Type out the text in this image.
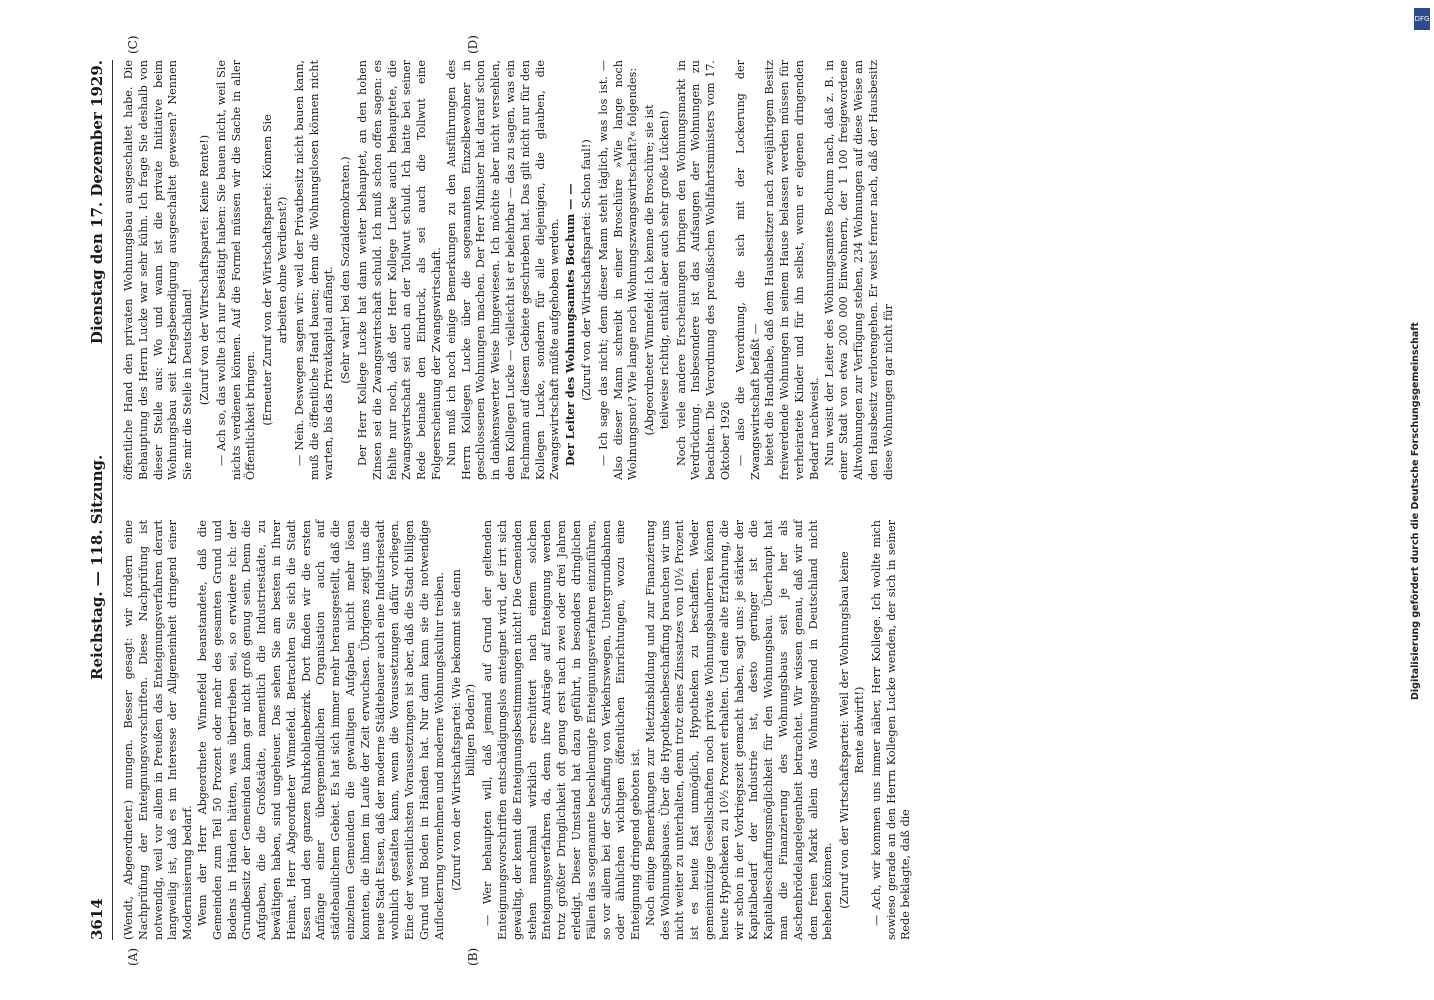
3614
Reichstag. — 118. Sitzung.
Dienstag den 17. Dezember 1929.
(A)	(B)
(C)	(D)

(Wendt, Abgeordneter.) mungen. Besser gesagt: wir fordern eine Nachprüfung der Enteignungsvorschriften. Diese Nachprüfung ist notwendig, weil vor allem in Preußen das Enteignungsverfahren derart langweilig ist, daß es im Interesse der Allgemeinheit dringend einer Modernisierung bedarf. Wenn der Herr Abgeordnete Winnefeld beanstandete, daß die Gemeinden zum Teil 50 Prozent oder mehr des gesamten Grund und Bodens in Händen hätten, was übertrieben sei, so erwidere ich: der Grundbesitz der Gemeinden kann gar nicht groß genug sein. Denn die Aufgaben, die die Großstädte, namentlich die Industriestädte, zu bewältigen haben, sind ungeheuer. Das sehen Sie am besten in Ihrer Heimat, Herr Abgeordneter Winnefeld. Betrachten Sie sich die Stadt Essen und den ganzen Ruhrkohlenbezirk. Dort finden wir die ersten Anfänge einer übergemeindlichen Organisation auch auf städtebaulichem Gebiet. Es hat sich immer mehr herausgestellt, daß die einzelnen Gemeinden die gewaltigen Aufgaben nicht mehr lösen konnten, die ihnen im Laufe der Zeit erwuchsen. Übrigens zeigt uns die neue Stadt Essen, daß der moderne Städtebauer auch eine Industriestadt wohnlich gestalten kann, wenn die Voraussetzungen dafür vorliegen. Eine der wesentlichsten Voraussetzungen ist aber, daß die Stadt billigen Grund und Boden in Händen hat. Nur dann kann sie die notwendige Auflockerung vornehmen und moderne Wohnungskultur treiben. (Zuruf von der Wirtschaftspartei: Wie bekommt sie denn billigen Boden?) — Wer behaupten will, daß jemand auf Grund der geltenden Enteignungsvorschriften entschädigungslos enteignet wird, der irrt sich gewaltig, der kennt die Enteignungsbestimmungen nicht! Die Gemeinden stehen manchmal wirklich erschüttert nach einem solchen Enteignungsverfahren da, denn ihre Anträge auf Enteignung werden trotz größter Dringlichkeit oft genug erst nach zwei oder drei Jahren erledigt. Dieser Umstand hat dazu geführt, in besonders dringlichen Fällen das sogenannte beschleunigte Enteignungsverfahren einzuführen, so vor allem bei der Schaffung von Verkehrswegen, Untergrundbahnen oder ähnlichen wichtigen öffentlichen Einrichtungen, wozu eine Enteignung dringend geboten ist. Noch einige Bemerkungen zur Mietzinsbildung und zur Finanzierung des Wohnungsbaues. Über die Hypothekenbeschaffung brauchen wir uns nicht weiter zu unterhalten, denn trotz eines Zinssatzes von 10½ Prozent ist es heute fast unmöglich, Hypotheken zu beschaffen. Weder gemeinnützige Gesellschaften noch private Wohnungsbauherren können heute Hypotheken zu 10½ Prozent erhalten. Und eine alte Erfahrung, die wir schon in der Vorkriegszeit gemacht haben, sagt uns: je stärker der Kapitalbedarf der Industrie ist, desto geringer ist die Kapitalbeschaffungsmöglichkeit für den Wohnungsbau. Überhaupt hat man die Finanzierung des Wohnungsbaus seit je her als Aschenbrödelangelegenheit betrachtet. Wir wissen genau, daß wir auf dem freien Markt allein das Wohnungselend in Deutschland nicht beheben können. (Zuruf von der Wirtschaftspartei: Weil der Wohnungsbau keine Rente abwirft!) — Ach, wir kommen uns immer näher, Herr Kollege. Ich wollte mich sowieso gerade an den Herrn Kollegen Lucke wenden, der sich in seiner Rede beklagte, daß die

öffentliche Hand den privaten Wohnungsbau ausgeschaltet habe. Die Behauptung des Herrn Lucke war sehr kühn. Ich frage Sie deshalb von dieser Stelle aus: Wo und wann ist die private Initiative beim Wohnungsbau seit Kriegsbeendigung ausgeschaltet gewesen? Nennen Sie mir die Stelle in Deutschland! (Zuruf von der Wirtschaftspartei: Keine Rente!) — Ach so, das wollte ich nur bestätigt haben: Sie bauen nicht, weil Sie nichts verdienen können. Auf die Formel müssen wir die Sache in aller Öffentlichkeit bringen. (Erneuter Zuruf von der Wirtschaftspartei: Können Sie arbeiten ohne Verdienst?) — Nein. Deswegen sagen wir: weil der Privatbesitz nicht bauen kann, muß die öffentliche Hand bauen; denn die Wohnungslosen können nicht warten, bis das Privatkapital anfängt. (Sehr wahr! bei den Sozialdemokraten.) Der Herr Kollege Lucke hat dann weiter behauptet, an den hohen Zinsen sei die Zwangswirtschaft schuld. Ich muß schon offen sagen: es fehlte nur noch, daß der Herr Kollege Lucke auch behauptete, die Zwangswirtschaft sei auch an der Tollwut schuld. Ich hatte bei seiner Rede beinahe den Eindruck, als sei auch die Tollwut eine Folgeerscheinung der Zwangswirtschaft. Nun muß ich noch einige Bemerkungen zu den Ausführungen des Herrn Kollegen Lucke über die sogenannten Einzelbewohner in geschlossenen Wohnungen machen. Der Herr Minister hat darauf schon in dankenswerter Weise hingewiesen. Ich möchte aber nicht versehlen, dem Kollegen Lucke — vielleicht ist er belehrbar — das zu sagen, was ein Fachmann auf diesem Gebiete geschrieben hat. Das gilt nicht nur für den Kollegen Lucke, sondern für alle diejenigen, die glauben, die Zwangswirtschaft müßte aufgehoben werden. Der Leiter des Wohnungsamtes Bochum — — (Zuruf von der Wirtschaftspartei: Schon faul!) — Ich sage das nicht; denn dieser Mann steht täglich, was los ist. — Also dieser Mann schreibt in einer Broschüre »Wie lange noch Wohnungsnot? Wie lange noch Wohnungszwangswirtschaft?« folgendes: (Abgeordneter Winnefeld: Ich kenne die Broschüre; sie ist teilweise richtig, enthält aber auch sehr große Lücken!) Noch viele andere Erscheinungen bringen den Wohnungsmarkt in Verdrückung. Insbesondere ist das Aufsaugen der Wohnungen zu beachten. Die Verordnung des preußischen Wohlfahrtsministers vom 17. Oktober 1926 — also die Verordnung, die sich mit der Lockerung der Zwangswirtschaft befaßt — bietet die Handhabe, daß dem Hausbesitzer nach zweijährigem Besitz freiwerdende Wohnungen in seinem Hause belassen werden müssen für verheiratete Kinder und für ihn selbst, wenn er eigenen dringenden Bedarf nachweist. Nun weist der Leiter des Wohnungsamtes Bochum nach, daß z. B. in einer Stadt von etwa 200 000 Einwohnern, der 1 100 freigewordene Altwohnungen zur Verfügung stehen, 234 Wohnungen auf diese Weise an den Hausbesitz verlorengehen. Er weist ferner nach, daß der Hausbesitz diese Wohnungen gar nicht für	Digitalisierung gefördert durch die Deutsche Forschungsgemeinschaft
DFG
